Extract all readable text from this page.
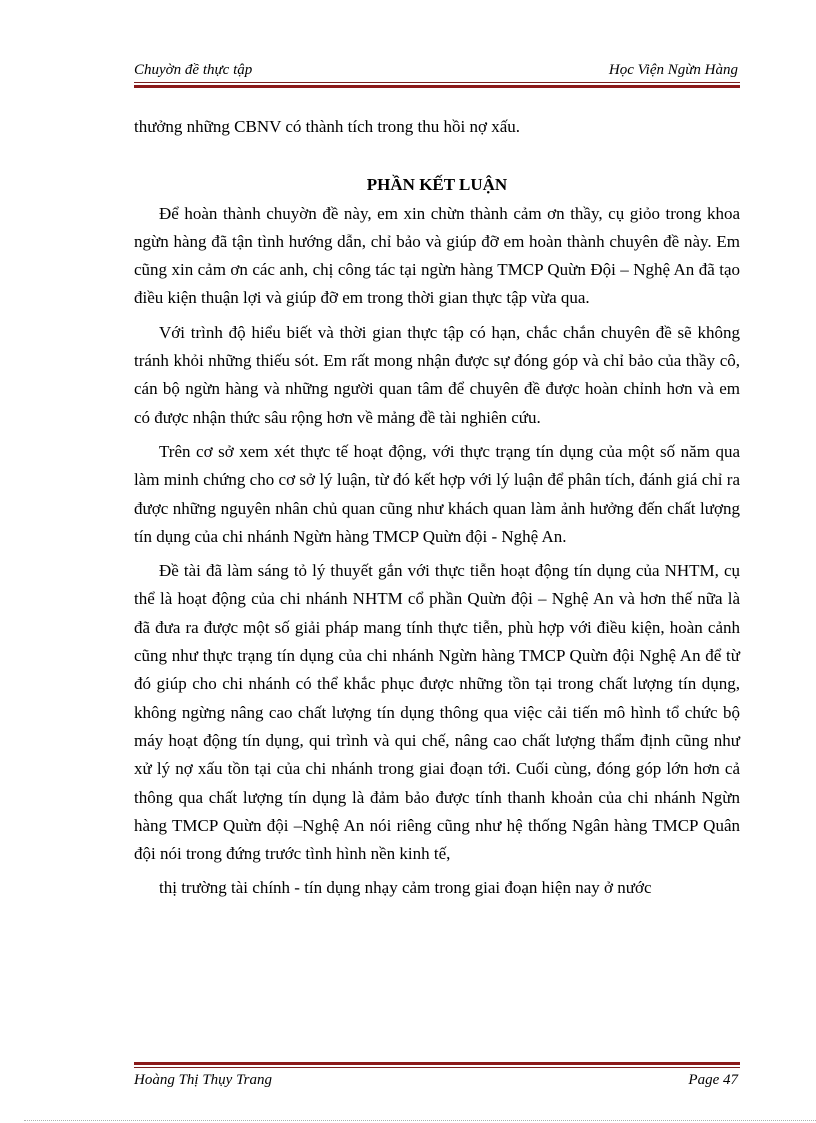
Chuyờn đề thực tập	Học Viện Ngừn Hàng

thưởng những CBNV có thành tích trong thu hồi nợ xấu.

PHẦN KẾT LUẬN

Để hoàn thành chuyờn đề này, em xin chừn thành cảm ơn thầy, cụ giỏo trong khoa ngừn hàng đã tận tình hướng dẫn, chỉ bảo và giúp đỡ em hoàn thành chuyên đề này. Em cũng xin cảm ơn các anh, chị công tác tại ngừn hàng TMCP Quừn Đội – Nghệ An đã tạo điều kiện thuận lợi và giúp đỡ em trong thời gian thực tập vừa qua.

Với trình độ hiểu biết và thời gian thực tập có hạn, chắc chắn chuyên đề sẽ không tránh khỏi những thiếu sót. Em rất mong nhận được sự đóng góp và chỉ bảo của thầy cô, cán bộ ngừn hàng và những người quan tâm để chuyên đề được hoàn chỉnh hơn và em có được nhận thức sâu rộng hơn về mảng đề tài nghiên cứu.

Trên cơ sở xem xét thực tế hoạt động, với thực trạng tín dụng của một số năm qua làm minh chứng cho cơ sở lý luận, từ đó kết hợp với lý luận để phân tích, đánh giá chỉ ra được những nguyên nhân chủ quan cũng như khách quan làm ảnh hưởng đến chất lượng tín dụng của chi nhánh Ngừn hàng TMCP Quừn đội - Nghệ An.

Đề tài đã làm sáng tỏ lý thuyết gắn với thực tiễn hoạt động tín dụng của NHTM, cụ thể là hoạt động của chi nhánh NHTM cổ phần Quừn đội – Nghệ An và hơn thế nữa là đã đưa ra được một số giải pháp mang tính thực tiễn, phù hợp với điều kiện, hoàn cảnh cũng như thực trạng tín dụng của chi nhánh Ngừn hàng TMCP Quừn đội Nghệ An để từ đó giúp cho chi nhánh có thể khắc phục được những tồn tại trong chất lượng tín dụng, không ngừng nâng cao chất lượng tín dụng thông qua việc cải tiến mô hình tổ chức bộ máy hoạt động tín dụng, qui trình và qui chế, nâng cao chất lượng thẩm định cũng như xử lý nợ xấu tồn tại của chi nhánh trong giai đoạn tới. Cuối cùng, đóng góp lớn hơn cả thông qua chất lượng tín dụng là đảm bảo được tính thanh khoản của chi nhánh Ngừn hàng TMCP Quừn đội –Nghệ An nói riêng cũng như hệ thống Ngân hàng TMCP Quân đội nói trong đứng trước tình hình nền kinh tế,

thị trường tài chính - tín dụng nhạy cảm trong giai đoạn hiện nay ở nước

Hoàng Thị Thụy Trang	Page 47
